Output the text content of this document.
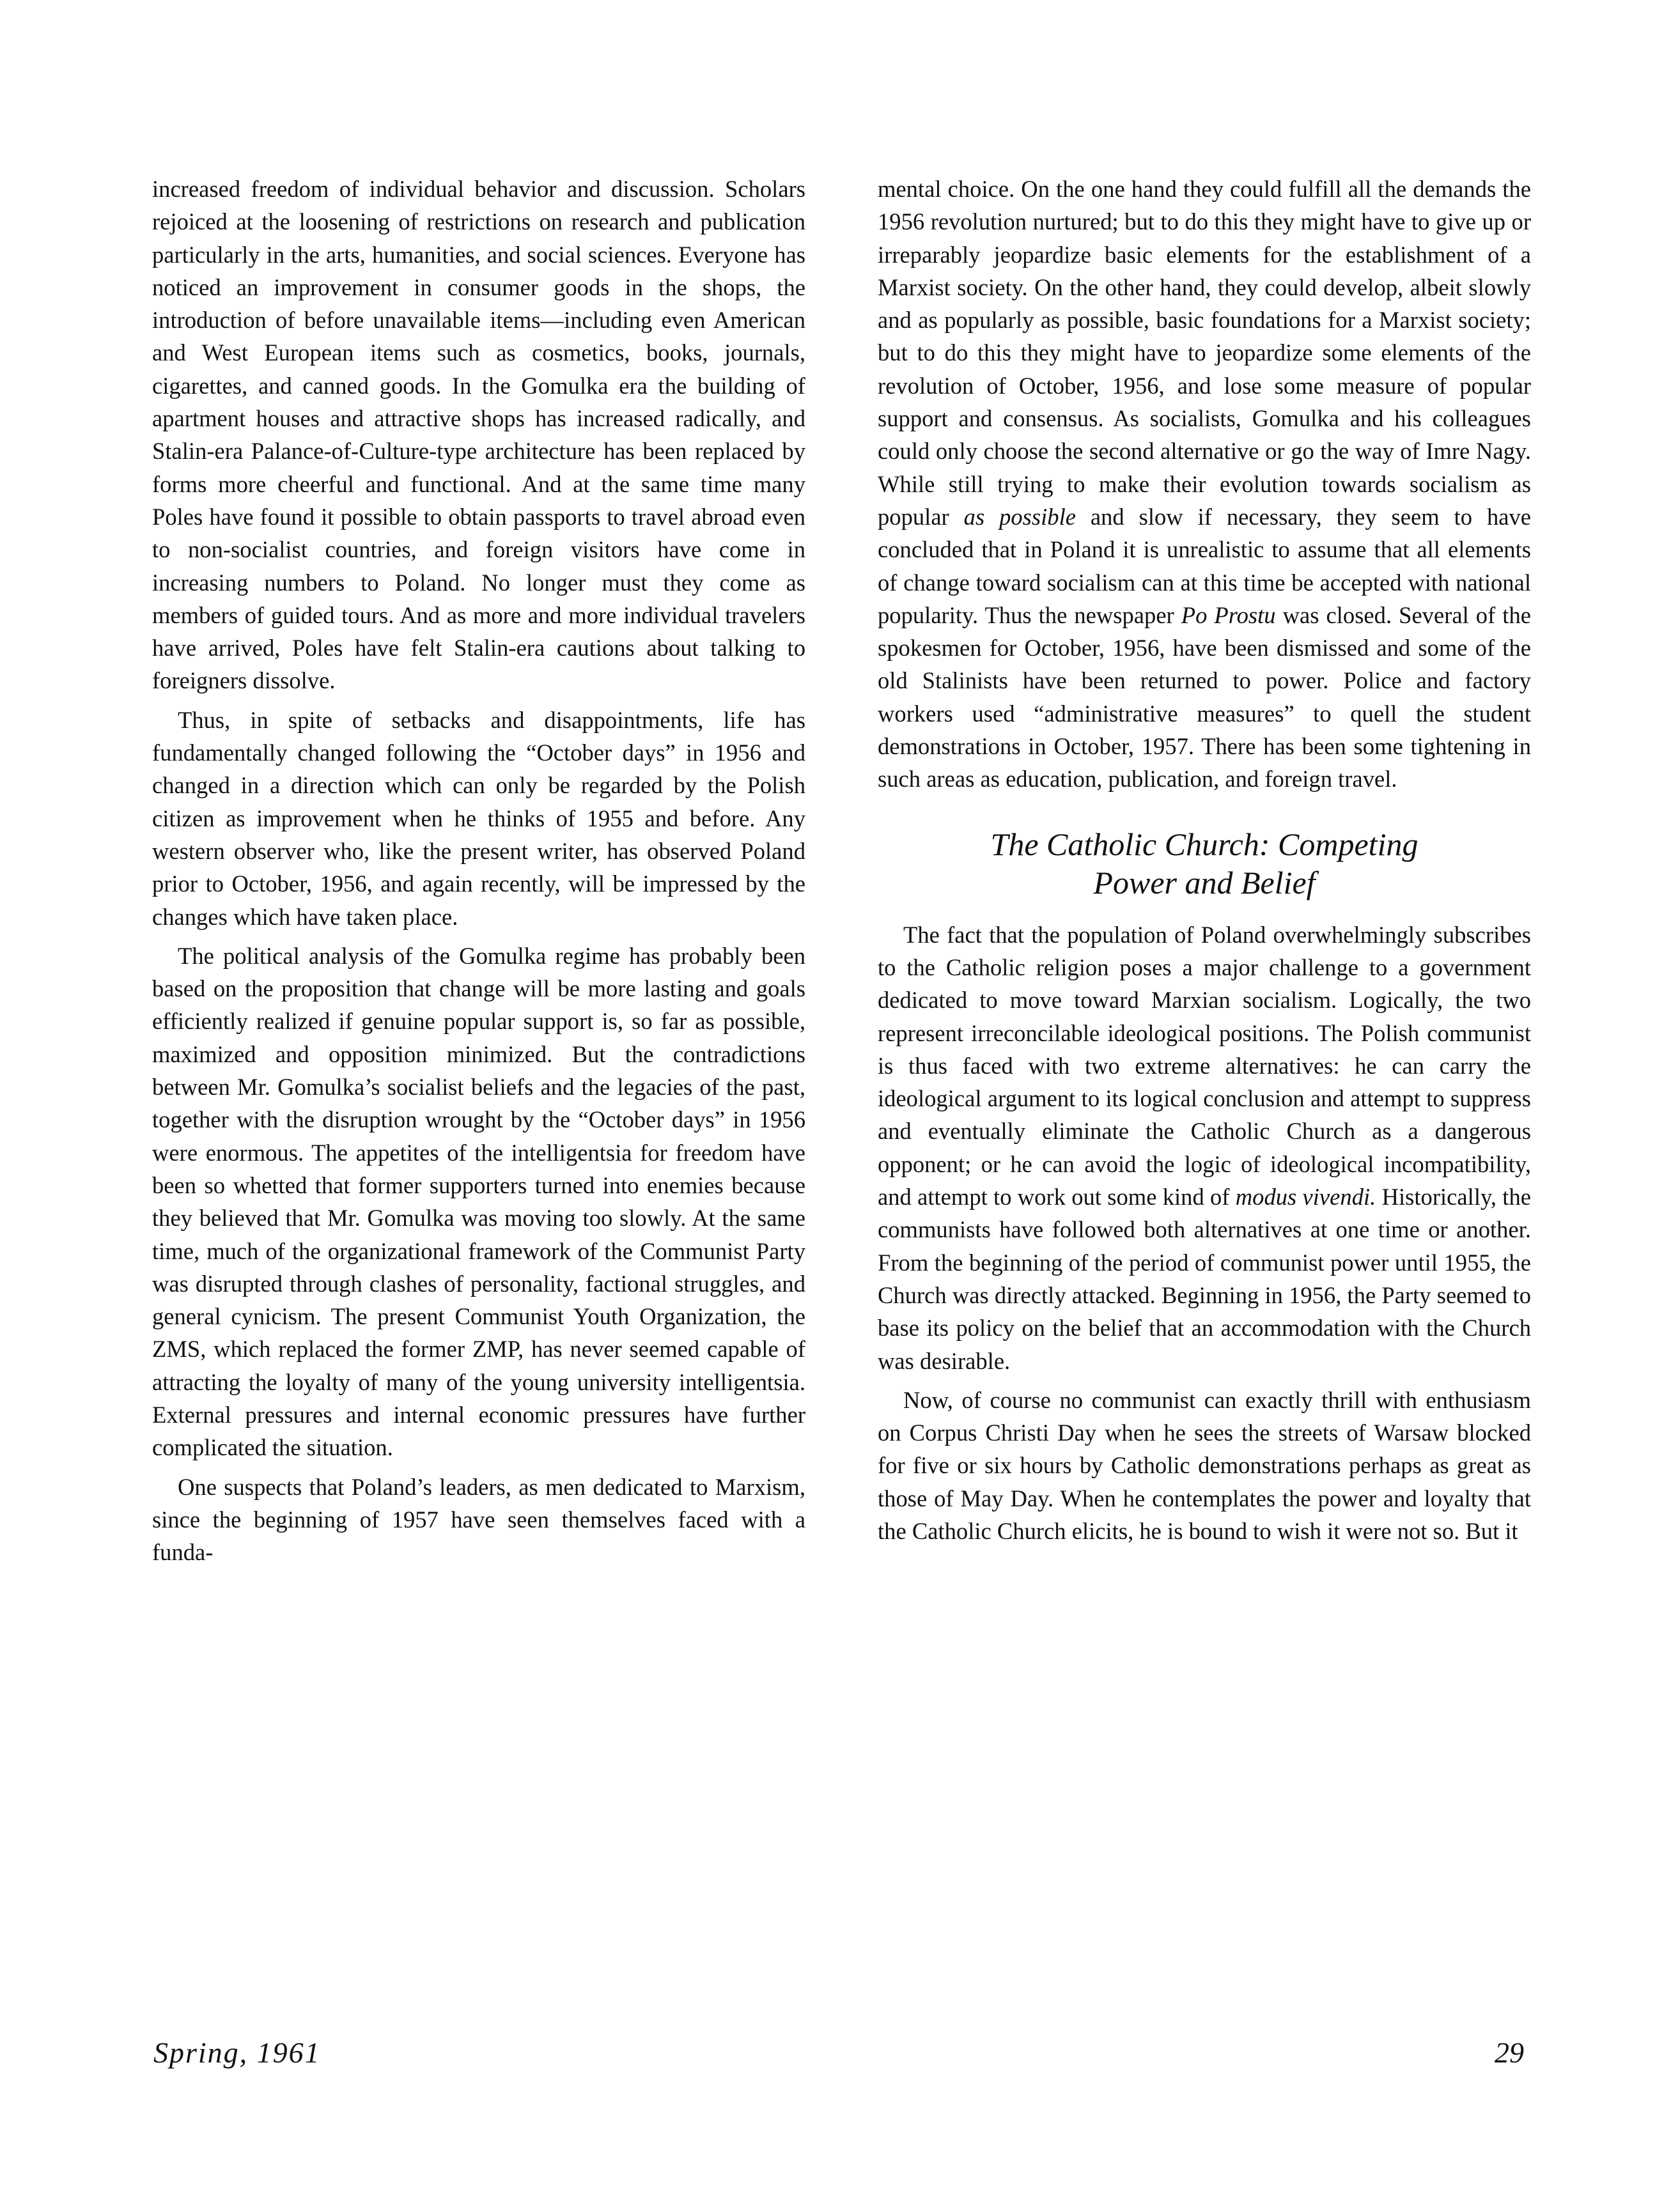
increased freedom of individual behavior and discussion. Scholars rejoiced at the loosening of restrictions on research and publication particularly in the arts, humanities, and social sciences. Everyone has noticed an improvement in consumer goods in the shops, the introduction of before unavailable items—including even American and West European items such as cosmetics, books, journals, cigarettes, and canned goods. In the Gomulka era the building of apartment houses and attractive shops has increased radically, and Stalin-era Palance-of-Culture-type architecture has been replaced by forms more cheerful and functional. And at the same time many Poles have found it possible to obtain passports to travel abroad even to non-socialist countries, and foreign visitors have come in increasing numbers to Poland. No longer must they come as members of guided tours. And as more and more individual travelers have arrived, Poles have felt Stalin-era cautions about talking to foreigners dissolve.

Thus, in spite of setbacks and disappointments, life has fundamentally changed following the “October days” in 1956 and changed in a direction which can only be regarded by the Polish citizen as improvement when he thinks of 1955 and before. Any western observer who, like the present writer, has observed Poland prior to October, 1956, and again recently, will be impressed by the changes which have taken place.

The political analysis of the Gomulka regime has probably been based on the proposition that change will be more lasting and goals efficiently realized if genuine popular support is, so far as possible, maximized and opposition minimized. But the contradictions between Mr. Gomulka’s socialist beliefs and the legacies of the past, together with the disruption wrought by the “October days” in 1956 were enormous. The appetites of the intelligentsia for freedom have been so whetted that former supporters turned into enemies because they believed that Mr. Gomulka was moving too slowly. At the same time, much of the organizational framework of the Communist Party was disrupted through clashes of personality, factional struggles, and general cynicism. The present Communist Youth Organization, the ZMS, which replaced the former ZMP, has never seemed capable of attracting the loyalty of many of the young university intelligentsia. External pressures and internal economic pressures have further complicated the situation.

One suspects that Poland’s leaders, as men dedicated to Marxism, since the beginning of 1957 have seen themselves faced with a funda-

mental choice. On the one hand they could fulfill all the demands the 1956 revolution nurtured; but to do this they might have to give up or irreparably jeopardize basic elements for the establishment of a Marxist society. On the other hand, they could develop, albeit slowly and as popularly as possible, basic foundations for a Marxist society; but to do this they might have to jeopardize some elements of the revolution of October, 1956, and lose some measure of popular support and consensus. As socialists, Gomulka and his colleagues could only choose the second alternative or go the way of Imre Nagy. While still trying to make their evolution towards socialism as popular as possible and slow if necessary, they seem to have concluded that in Poland it is unrealistic to assume that all elements of change toward socialism can at this time be accepted with national popularity. Thus the newspaper Po Prostu was closed. Several of the spokesmen for October, 1956, have been dismissed and some of the old Stalinists have been returned to power. Police and factory workers used “administrative measures” to quell the student demonstrations in October, 1957. There has been some tightening in such areas as education, publication, and foreign travel.

The Catholic Church: Competing
Power and Belief

The fact that the population of Poland overwhelmingly subscribes to the Catholic religion poses a major challenge to a government dedicated to move toward Marxian socialism. Logically, the two represent irreconcilable ideological positions. The Polish communist is thus faced with two extreme alternatives: he can carry the ideological argument to its logical conclusion and attempt to suppress and eventually eliminate the Catholic Church as a dangerous opponent; or he can avoid the logic of ideological incompatibility, and attempt to work out some kind of modus vivendi. Historically, the communists have followed both alternatives at one time or another. From the beginning of the period of communist power until 1955, the Church was directly attacked. Beginning in 1956, the Party seemed to base its policy on the belief that an accommodation with the Church was desirable.

Now, of course no communist can exactly thrill with enthusiasm on Corpus Christi Day when he sees the streets of Warsaw blocked for five or six hours by Catholic demonstrations perhaps as great as those of May Day. When he contemplates the power and loyalty that the Catholic Church elicits, he is bound to wish it were not so. But it

Spring, 1961	29
